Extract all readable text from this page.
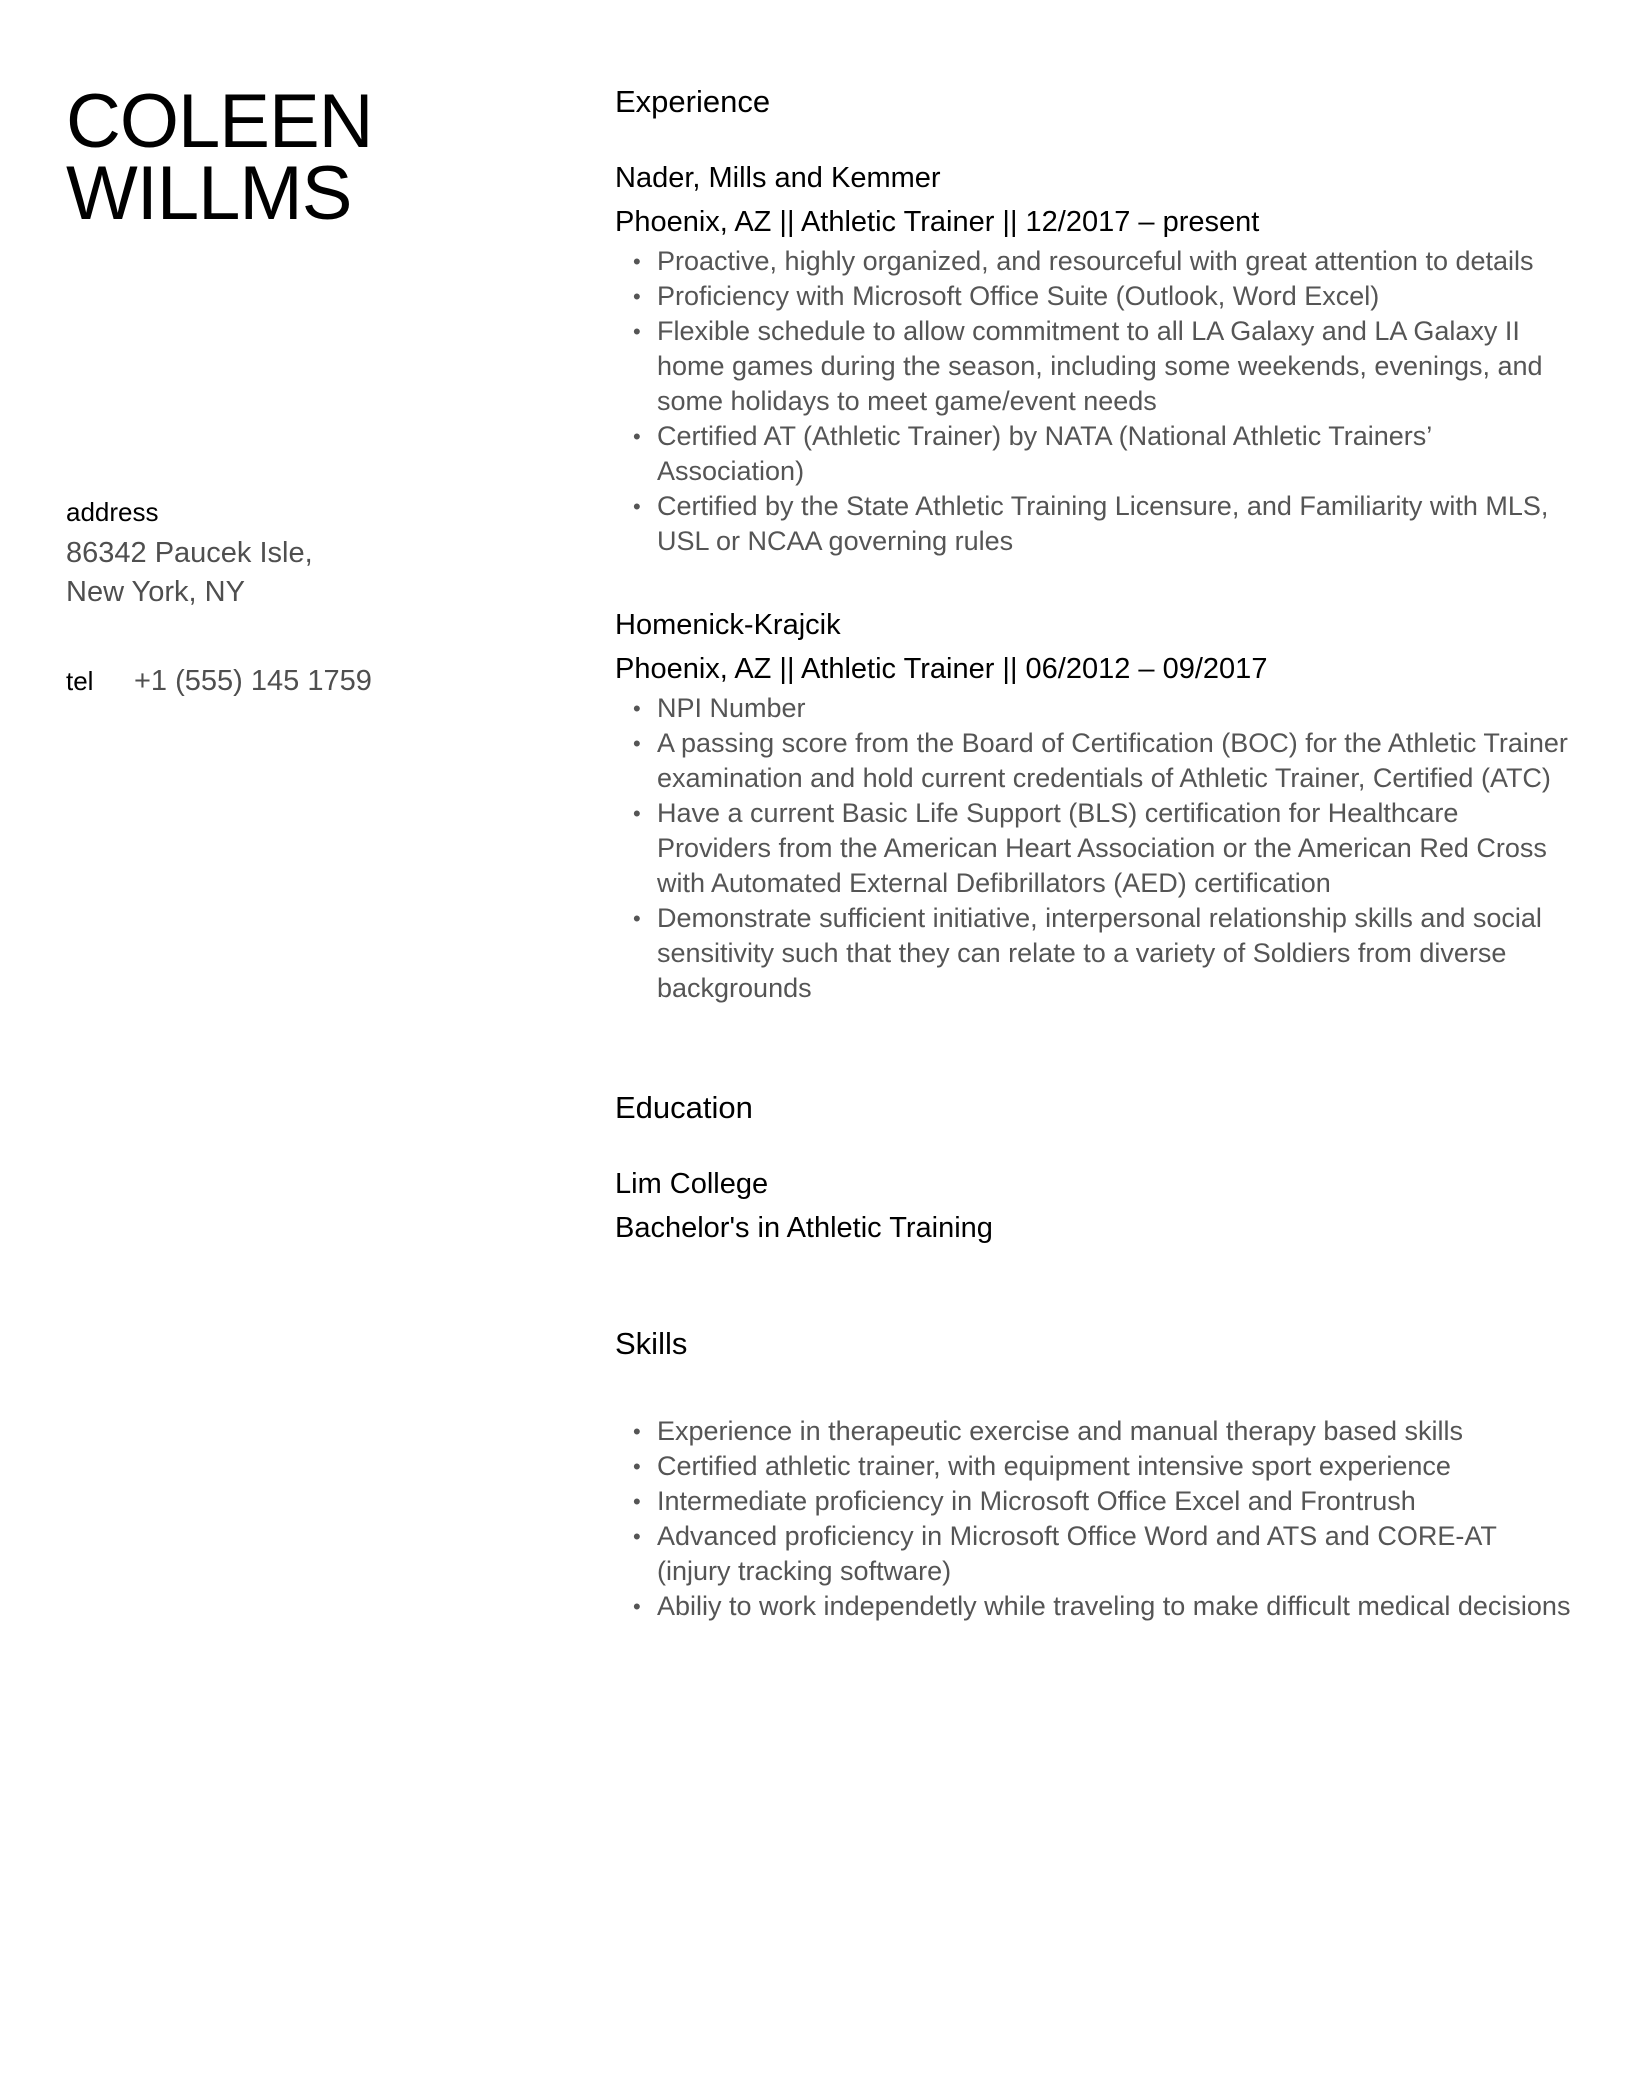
COLEEN
WILLMS
address
86342 Paucek Isle,
New York, NY
tel	+1 (555) 145 1759
Experience

Nader, Mills and Kemmer

Phoenix, AZ || Athletic Trainer || 12/2017 – present

• Proactive, highly organized, and resourceful with great attention to details
• Proficiency with Microsoft Office Suite (Outlook, Word Excel)
• Flexible schedule to allow commitment to all LA Galaxy and LA Galaxy II home games during the season, including some weekends, evenings, and some holidays to meet game/event needs
• Certified AT (Athletic Trainer) by NATA (National Athletic Trainers’ Association)
• Certified by the State Athletic Training Licensure, and Familiarity with MLS, USL or NCAA governing rules

Homenick-Krajcik

Phoenix, AZ || Athletic Trainer || 06/2012 – 09/2017

• NPI Number
• A passing score from the Board of Certification (BOC) for the Athletic Trainer examination and hold current credentials of Athletic Trainer, Certified (ATC)
• Have a current Basic Life Support (BLS) certification for Healthcare Providers from the American Heart Association or the American Red Cross with Automated External Defibrillators (AED) certification
• Demonstrate sufficient initiative, interpersonal relationship skills and social sensitivity such that they can relate to a variety of Soldiers from diverse backgrounds
Education

Lim College

Bachelor's in Athletic Training

Skills
• Experience in therapeutic exercise and manual therapy based skills
• Certified athletic trainer, with equipment intensive sport experience
• Intermediate proficiency in Microsoft Office Excel and Frontrush
• Advanced proficiency in Microsoft Office Word and ATS and CORE-AT (injury tracking software)
• Abiliy to work independetly while traveling to make difficult medical decisions
